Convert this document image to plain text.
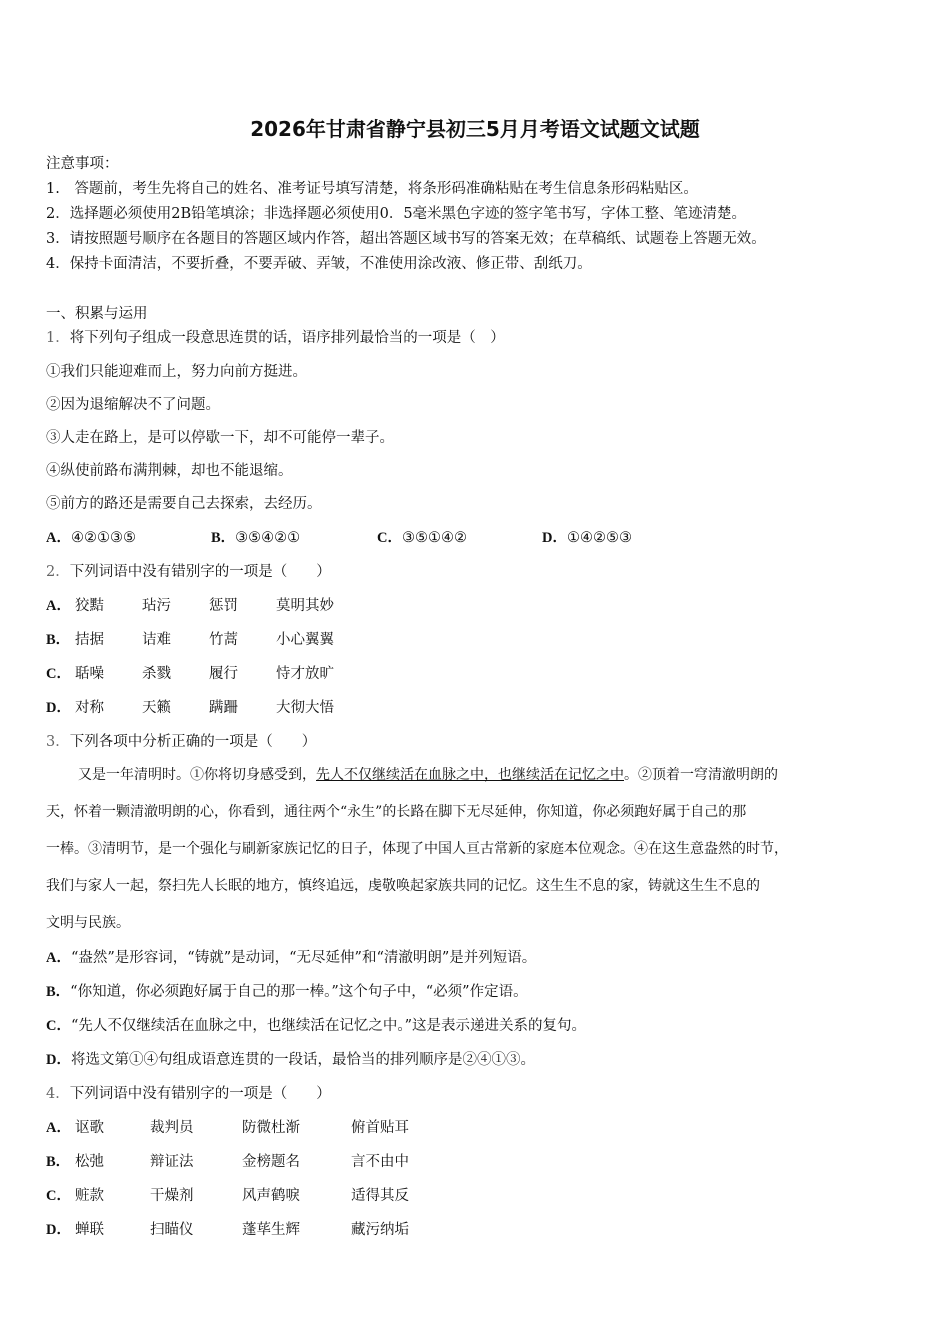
2026年甘肃省静宁县初三5月月考语文试题文试题
注意事项：
1.　答题前，考生先将自己的姓名、准考证号填写清楚，将条形码准确粘贴在考生信息条形码粘贴区。
2．选择题必须使用2B铅笔填涂；非选择题必须使用0．5毫米黑色字迹的签字笔书写，字体工整、笔迹清楚。
3．请按照题号顺序在各题目的答题区域内作答，超出答题区域书写的答案无效；在草稿纸、试题卷上答题无效。
4．保持卡面清洁，不要折叠，不要弄破、弄皱，不准使用涂改液、修正带、刮纸刀。
一、积累与运用
1．将下列句子组成一段意思连贯的话，语序排列最恰当的一项是（　）
①我们只能迎难而上，努力向前方挺进。
②因为退缩解决不了问题。
③人走在路上，是可以停歇一下，却不可能停一辈子。
④纵使前路布满荆棘，却也不能退缩。
⑤前方的路还是需要自己去探索，去经历。
A．④②①③⑤	B．③⑤④②①	C．③⑤①④②	D．①④②⑤③
2．下列词语中没有错别字的一项是（　　）
A． 狡黠	玷污	惩罚	莫明其妙
B． 拮据	诘难	竹蒿	小心翼翼
C． 聒噪	杀戮	履行	恃才放旷
D． 对称	天籁	蹒跚	大彻大悟
3．下列各项中分析正确的一项是（　　）
又是一年清明时。①你将切身感受到，先人不仅继续活在血脉之中，也继续活在记忆之中。②顶着一穹清澈明朗的
天，怀着一颗清澈明朗的心，你看到，通往两个“永生”的长路在脚下无尽延伸，你知道，你必须跑好属于自己的那
一棒。③清明节，是一个强化与刷新家族记忆的日子，体现了中国人亘古常新的家庭本位观念。④在这生意盎然的时节，
我们与家人一起，祭扫先人长眠的地方，慎终追远，虔敬唤起家族共同的记忆。这生生不息的家，铸就这生生不息的
文明与民族。
A．“盎然”是形容词，“铸就”是动词，“无尽延伸”和“清澈明朗”是并列短语。
B．“你知道，你必须跑好属于自己的那一棒。”这个句子中，“必须”作定语。
C．“先人不仅继续活在血脉之中，也继续活在记忆之中。”这是表示递进关系的复句。
D．将选文第①④句组成语意连贯的一段话，最恰当的排列顺序是②④①③。
4．下列词语中没有错别字的一项是（　　）
A． 讴歌	裁判员	防微杜渐	俯首贴耳
B． 松弛	辩证法	金榜题名	言不由中
C． 赃款	干燥剂	风声鹤唳	适得其反
D． 蝉联	扫瞄仪	蓬荜生辉	藏污纳垢
